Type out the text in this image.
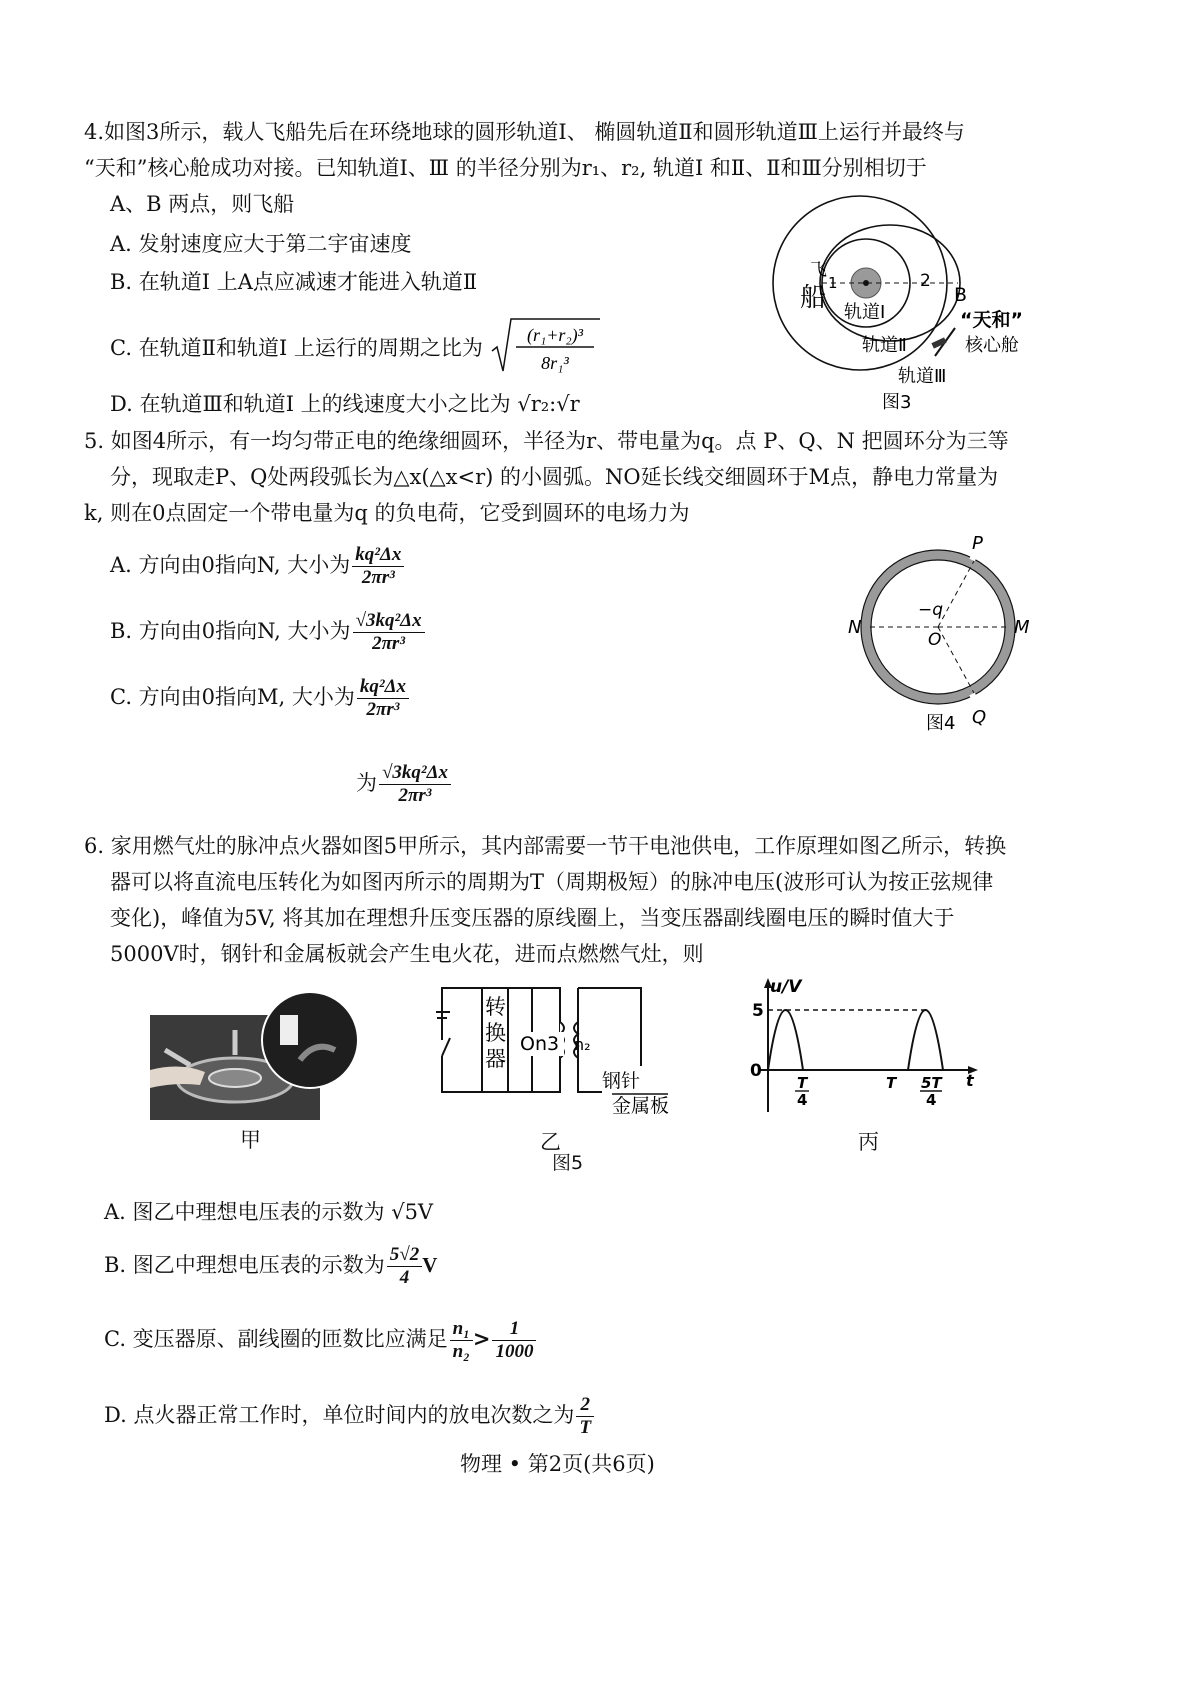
4.如图3所示，载人飞船先后在环绕地球的圆形轨道Ⅰ、 椭圆轨道Ⅱ和圆形轨道Ⅲ上运行并最终与
“天和”核心舱成功对接。已知轨道Ⅰ、Ⅲ 的半径分别为r₁、r₂, 轨道Ⅰ 和Ⅱ、Ⅱ和Ⅲ分别相切于
A、B 两点，则飞船
A. 发射速度应大于第二宇宙速度
B. 在轨道Ⅰ 上A点应减速才能进入轨道Ⅱ
C. 在轨道Ⅱ和轨道Ⅰ 上运行的周期之比为
(r₁+r₂)³
8r₁³
D. 在轨道Ⅲ和轨道Ⅰ 上的线速度大小之比为 √r₂:√r
飞
船 1	2
B
轨道Ⅰ
轨道Ⅱ
轨道Ⅲ
“天和”
核心舱
图3
5. 如图4所示，有一均匀带正电的绝缘细圆环，半径为r、带电量为q。点 P、Q、N 把圆环分为三等
分，现取走P、Q处两段弧长为△x(△x<r) 的小圆弧。NO延长线交细圆环于M点，静电力常量为
k, 则在0点固定一个带电量为q 的负电荷，它受到圆环的电场力为
A. 方向由0指向N, 大小为 $\frac{\text{kq²Δx}}{\text{2πr³}}$
B. 方向由0指向N, 大小为 $\frac{\text{√3kq²Δx}}{\text{2πr³}}$
C. 方向由0指向M, 大小为 $\frac{\text{kq²Δx}}{\text{2πr³}}$
为 $\frac{\text{√3kq²Δx}}{\text{2πr³}}$
P
Q
N	M
O
−q
图4
6. 家用燃气灶的脉冲点火器如图5甲所示，其内部需要一节干电池供电，工作原理如图乙所示，转换
器可以将直流电压转化为如图丙所示的周期为T（周期极短）的脉冲电压(波形可认为按正弦规律
变化)，峰值为5V, 将其加在理想升压变压器的原线圈上，当变压器副线圈电压的瞬时值大于
5000V时，钢针和金属板就会产生电火花，进而点燃燃气灶，则
甲
转
换
器
On3 n₂
钢针
金属板
乙
图5
u/V
t
5
0
T
4
T 5T
4
丙
A. 图乙中理想电压表的示数为 √5V
B. 图乙中理想电压表的示数为 $\frac{5√2}{4}$ V
C. 变压器原、副线圈的匝数比应满足 $\frac{\text{n₁}}{\text{n₂}} > \frac{1}{1000}$
D. 点火器正常工作时，单位时间内的放电次数之为 $\frac{2}{T}$
物理 • 第2页(共6页)
